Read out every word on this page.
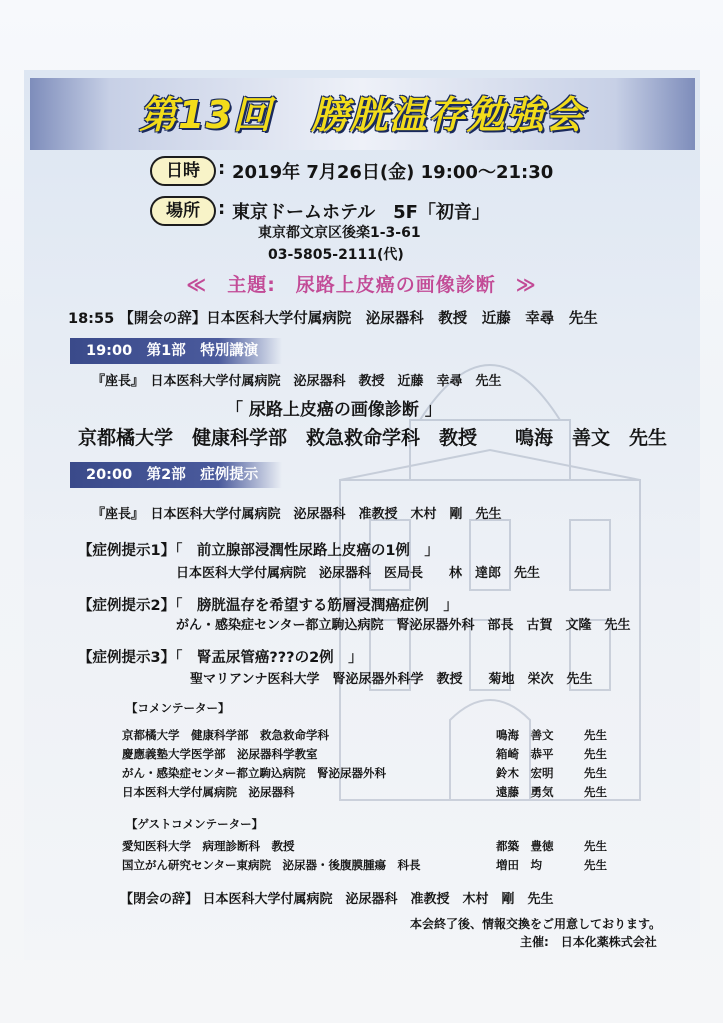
第13回　膀胱温存勉強会
日時	: 2019年 7月26日(金) 19:00～21:30
場所	: 東京ドームホテル　5F「初音」
東京都文京区後楽1-3-61
03-5805-2111(代)
≪　主題:　尿路上皮癌の画像診断　≫
18:55 【開会の辞】日本医科大学付属病院　泌尿器科　教授　近藤　幸尋　先生
19:00　第1部　特別講演
『座長』　日本医科大学付属病院　泌尿器科　教授　近藤　幸尋　先生
「 尿路上皮癌の画像診断 」
京都橘大学　健康科学部　救急救命学科　教授　　鳴海　善文　先生
20:00　第2部　症例提示
『座長』　日本医科大学付属病院　泌尿器科　准教授　木村　剛　先生
【症例提示1】「　前立腺部浸潤性尿路上皮癌の1例　」
日本医科大学付属病院　泌尿器科　医局長　　林　達郎　先生
【症例提示2】「　膀胱温存を希望する筋層浸潤癌症例　」
がん・感染症センター都立駒込病院　腎泌尿器外科　部長　古賀　文隆　先生
【症例提示3】「　腎盂尿管癌???の2例　」
聖マリアンナ医科大学　腎泌尿器外科学　教授　　菊地　栄次　先生
【コメンテーター】
京都橘大学　健康科学部　救急救命学科	鳴海　善文	先生
慶應義塾大学医学部　泌尿器科学教室	箱崎　恭平	先生
がん・感染症センター都立駒込病院　腎泌尿器外科	鈴木　宏明	先生
日本医科大学付属病院　泌尿器科	遠藤　勇気	先生
【ゲストコメンテーター】
愛知医科大学　病理診断科　教授	都築　豊徳	先生
国立がん研究センター東病院　泌尿器・後腹膜腫瘍　科長	増田　均	先生
【閉会の辞】 日本医科大学付属病院　泌尿器科　准教授　木村　剛　先生
本会終了後、情報交換をご用意しております。
主催:　日本化薬株式会社
